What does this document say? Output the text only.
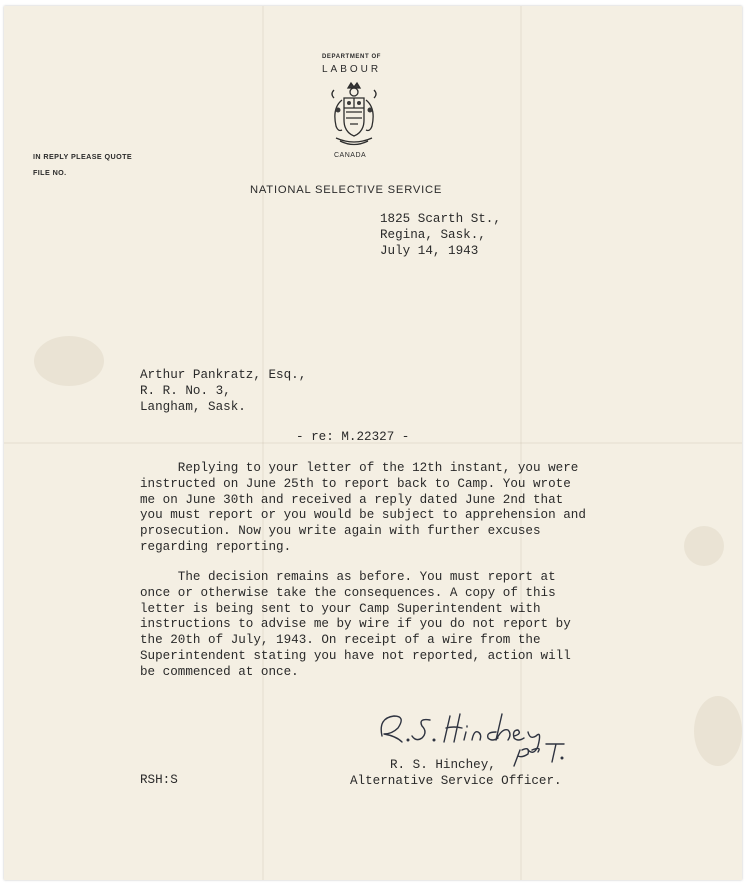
DEPARTMENT OF
LABOUR
CANADA
IN REPLY PLEASE QUOTE
FILE NO.
NATIONAL SELECTIVE SERVICE
1825 Scarth St.,
Regina, Sask.,
July 14, 1943
Arthur Pankratz, Esq.,
R. R. No. 3,
Langham, Sask.
- re: M.22327 -
Replying to your letter of the 12th instant, you were
instructed on June 25th to report back to Camp. You wrote
me on June 30th and received a reply dated June 2nd that
you must report or you would be subject to apprehension and
prosecution. Now you write again with further excuses
regarding reporting.
The decision remains as before. You must report at
once or otherwise take the consequences. A copy of this
letter is being sent to your Camp Superintendent with
instructions to advise me by wire if you do not report by
the 20th of July, 1943. On receipt of a wire from the
Superintendent stating you have not reported, action will
be commenced at once.
R. S. Hinchey,
Alternative Service Officer.
RSH:S
